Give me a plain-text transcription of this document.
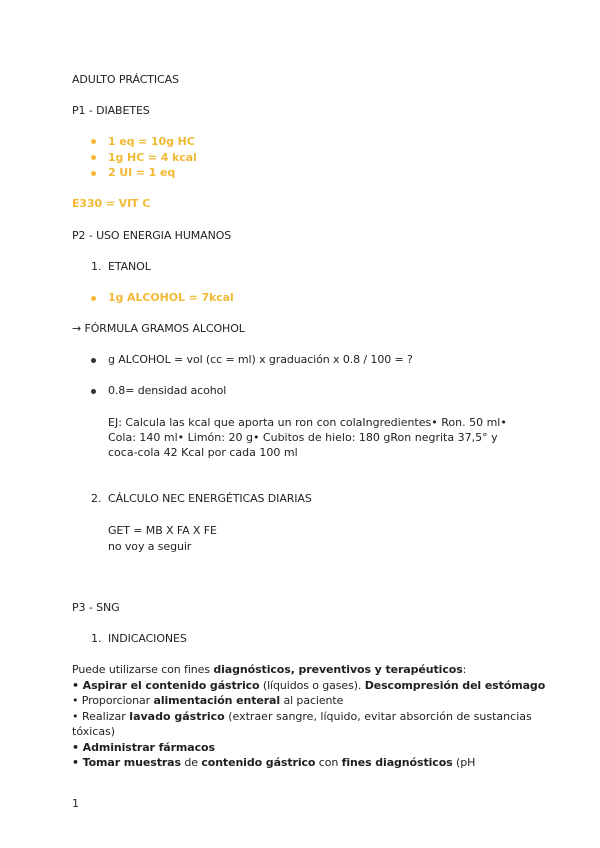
ADULTO PRÁCTICAS
P1 - DIABETES
1 eq = 10g HC
1g HC = 4 kcal
2 UI = 1 eq
E330 = VIT C
P2 - USO ENERGIA HUMANOS
1. ETANOL
1g ALCOHOL = 7kcal
→ FÓRMULA GRAMOS ALCOHOL
g ALCOHOL = vol (cc = ml) x graduación x 0.8 / 100 = ?
0.8= densidad acohol
EJ: Calcula las kcal que aporta un ron con colaIngredientes• Ron. 50 ml• Cola: 140 ml• Limón: 20 g• Cubitos de hielo: 180 gRon negrita 37,5° y coca-cola 42 Kcal por cada 100 ml
2. CÁLCULO NEC ENERGÉTICAS DIARIAS
GET = MB X FA X FE
no voy a seguir
P3 - SNG
1. INDICACIONES
Puede utilizarse con fines diagnósticos, preventivos y terapéuticos:
• Aspirar el contenido gástrico (líquidos o gases). Descompresión del estómago
• Proporcionar alimentación enteral al paciente
• Realizar lavado gástrico (extraer sangre, líquido, evitar absorción de sustancias tóxicas)
• Administrar fármacos
• Tomar muestras de contenido gástrico con fines diagnósticos (pH
1
